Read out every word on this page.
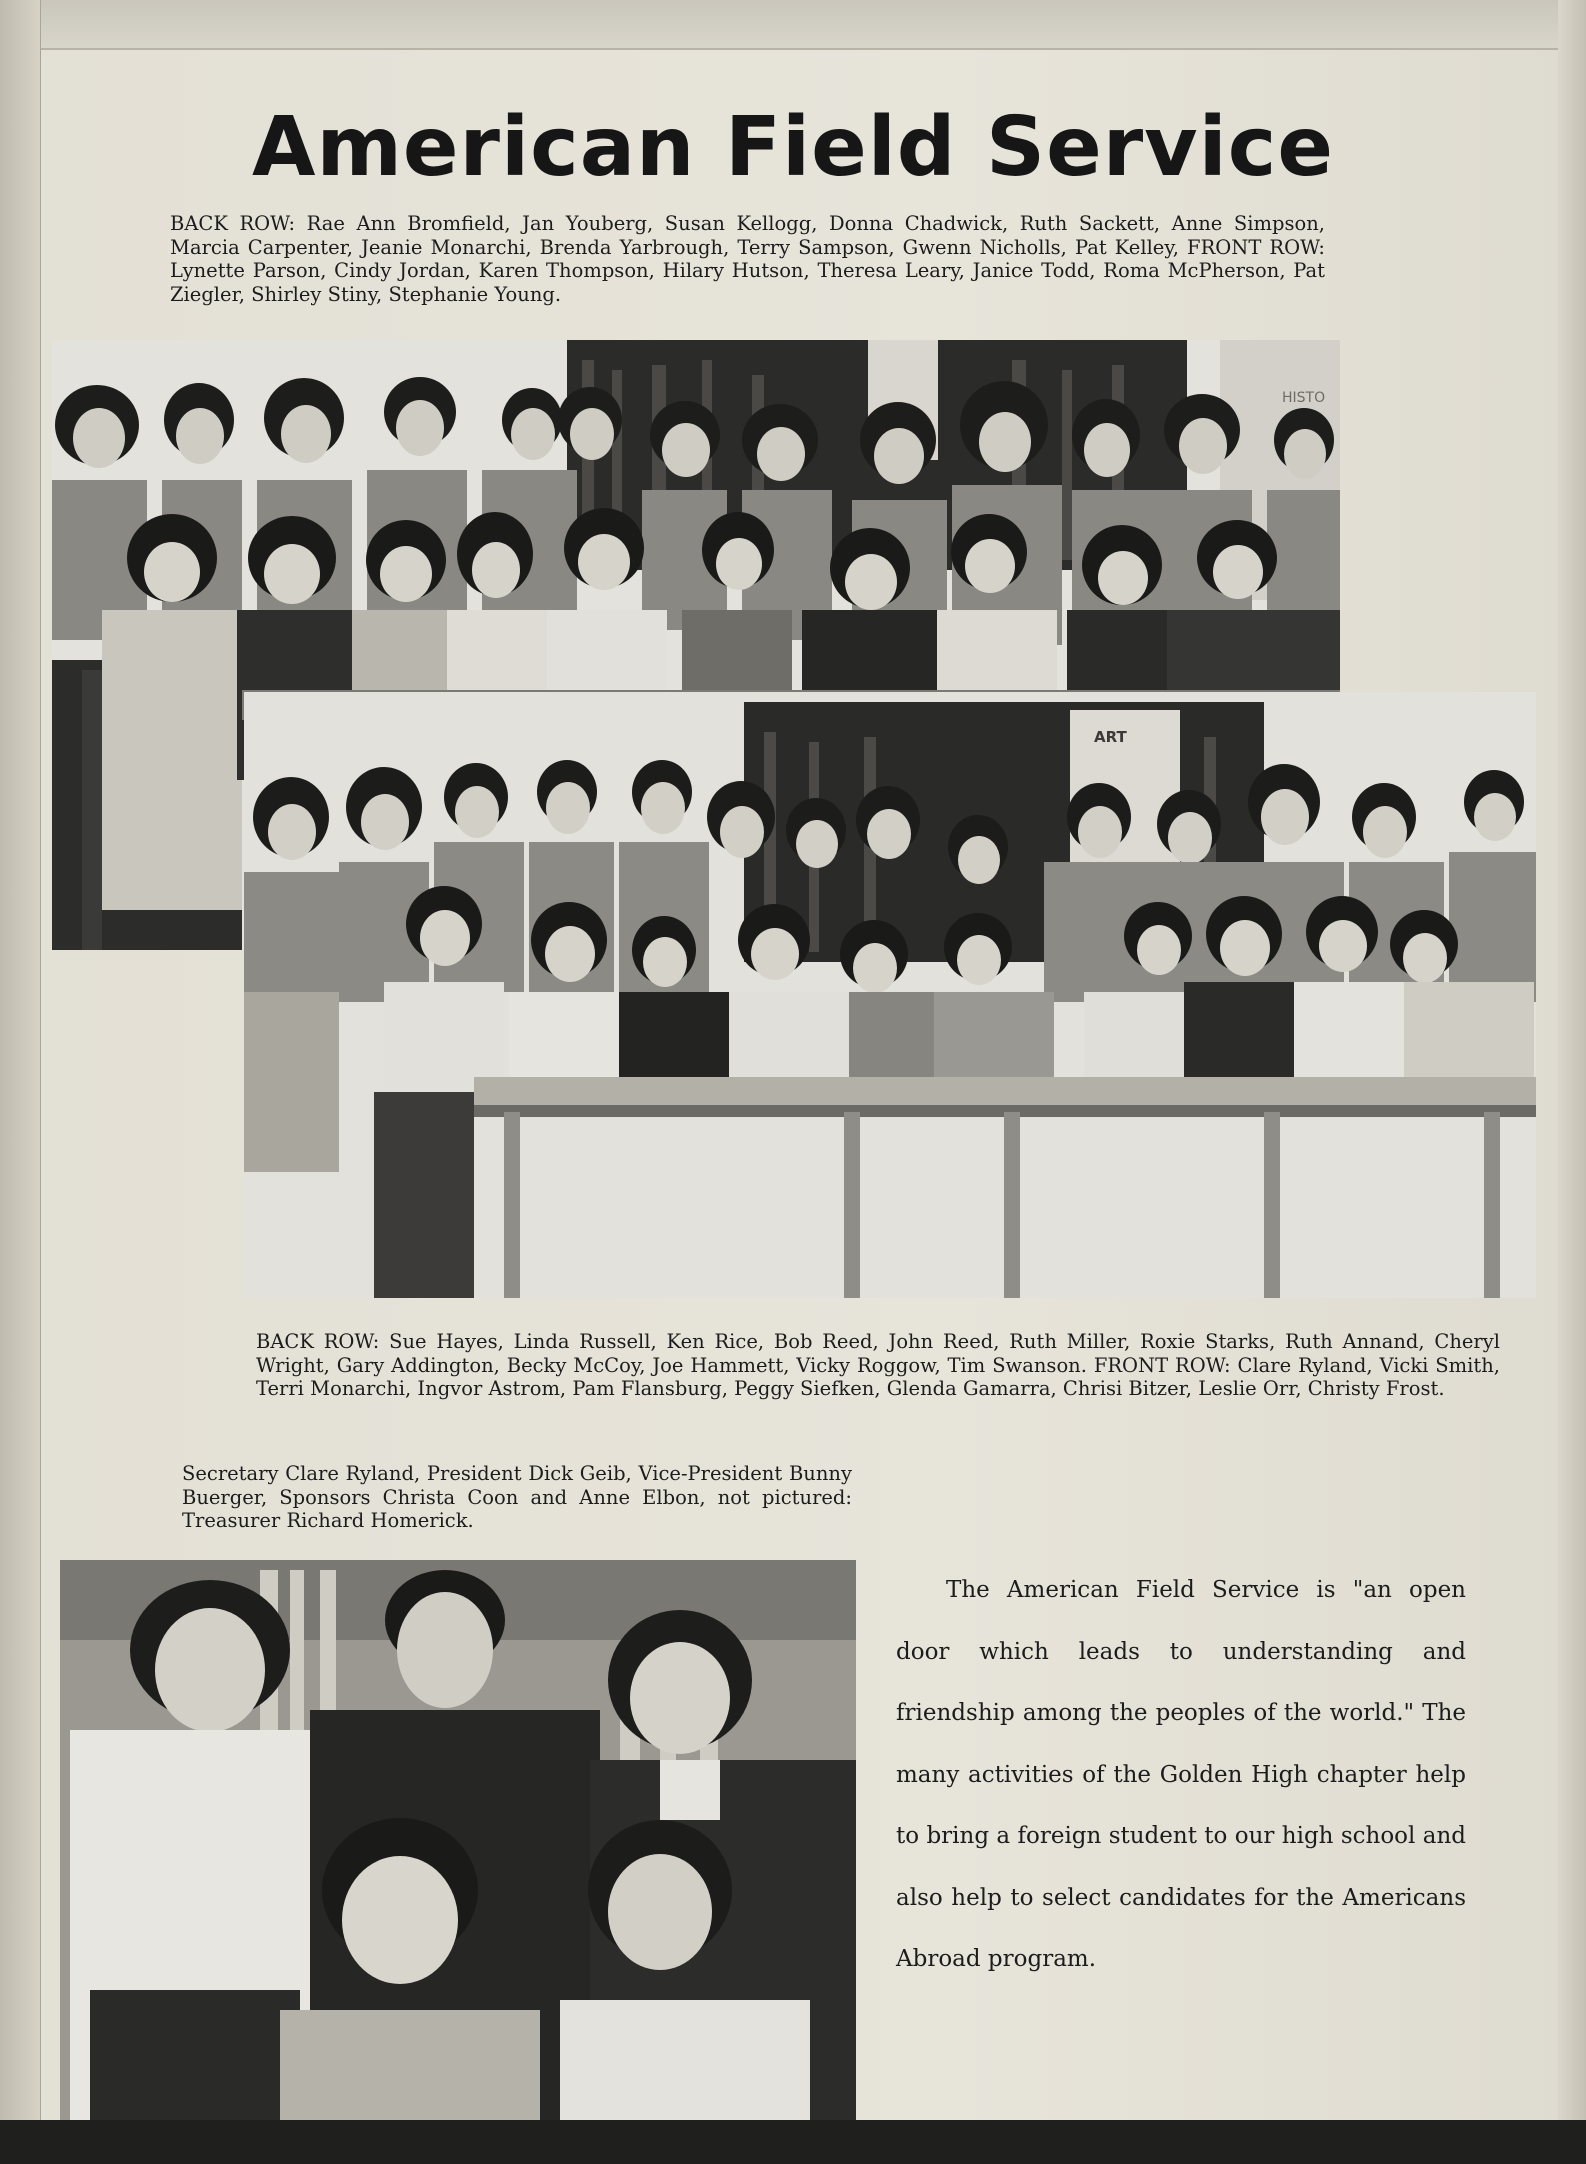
American Field Service

BACK ROW: Rae Ann Bromfield, Jan Youberg, Susan Kellogg, Donna Chadwick, Ruth Sackett, Anne Simpson, Marcia Carpenter, Jeanie Monarchi, Brenda Yarbrough, Terry Sampson, Gwenn Nicholls, Pat Kelley, FRONT ROW: Lynette Parson, Cindy Jordan, Karen Thompson, Hilary Hutson, Theresa Leary, Janice Todd, Roma McPherson, Pat Ziegler, Shirley Stiny, Stephanie Young.

HISTO
ART

BACK ROW: Sue Hayes, Linda Russell, Ken Rice, Bob Reed, John Reed, Ruth Miller, Roxie Starks, Ruth Annand, Cheryl Wright, Gary Addington, Becky McCoy, Joe Hammett, Vicky Roggow, Tim Swanson. FRONT ROW: Clare Ryland, Vicki Smith, Terri Monarchi, Ingvor Astrom, Pam Flansburg, Peggy Siefken, Glenda Gamarra, Chrisi Bitzer, Leslie Orr, Christy Frost.

Secretary Clare Ryland, President Dick Geib, Vice-President Bunny Buerger, Sponsors Christa Coon and Anne Elbon, not pictured: Treasurer Richard Homerick.

The American Field Service is "an open door which leads to understanding and friendship among the peoples of the world." The many activities of the Golden High chapter help to bring a foreign student to our high school and also help to select candidates for the Americans Abroad program.
